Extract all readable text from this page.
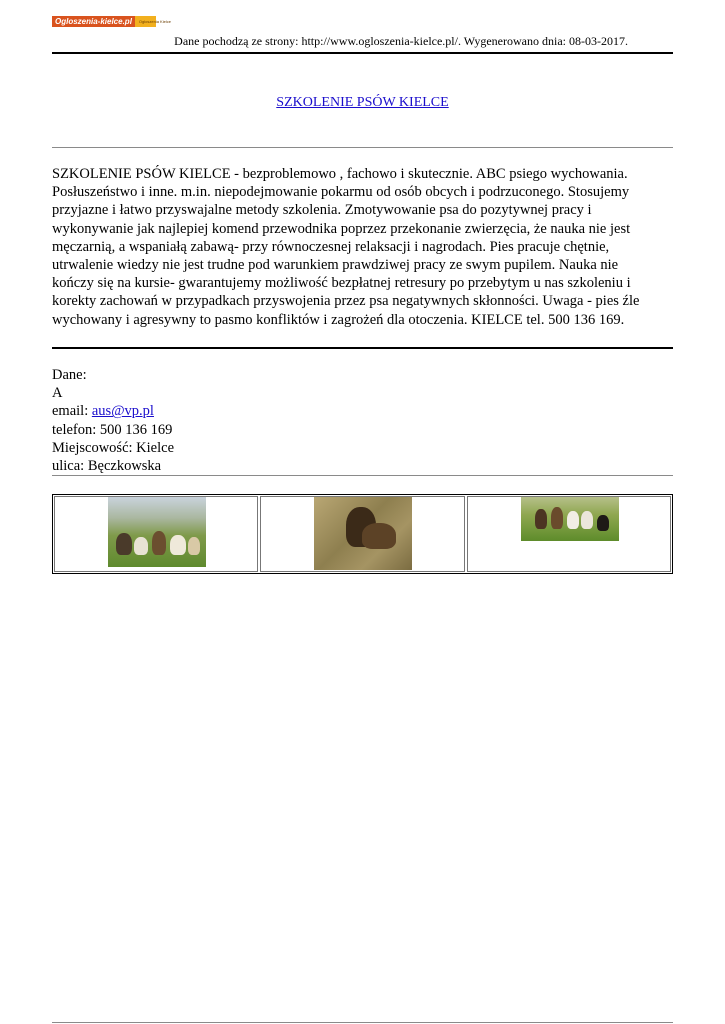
Ogloszenia-kielce.pl	Ogłoszenia Kielce
Dane pochodzą ze strony: http://www.ogloszenia-kielce.pl/. Wygenerowano dnia: 08-03-2017.
SZKOLENIE PSÓW KIELCE

SZKOLENIE PSÓW KIELCE - bezproblemowo , fachowo i skutecznie. ABC psiego wychowania. Posłuszeństwo i inne. m.in. niepodejmowanie pokarmu od osób obcych i podrzuconego. Stosujemy przyjazne i łatwo przyswajalne metody szkolenia. Zmotywowanie psa do pozytywnej pracy i wykonywanie jak najlepiej komend przewodnika poprzez przekonanie zwierzęcia, że nauka nie jest męczarnią, a wspaniałą zabawą- przy równoczesnej relaksacji i nagrodach. Pies pracuje chętnie, utrwalenie wiedzy nie jest trudne pod warunkiem prawdziwej pracy ze swym pupilem. Nauka nie kończy się na kursie- gwarantujemy możliwość bezpłatnej retresury po przebytym u nas szkoleniu i korekty zachowań w przypadkach przyswojenia przez psa negatywnych skłonności. Uwaga - pies źle wychowany i agresywny to pasmo konfliktów i zagrożeń dla otoczenia. KIELCE tel. 500 136 169.

Dane:
A
email: aus@vp.pl
telefon: 500 136 169
Miejscowość: Kielce
ulica: Bęczkowska
